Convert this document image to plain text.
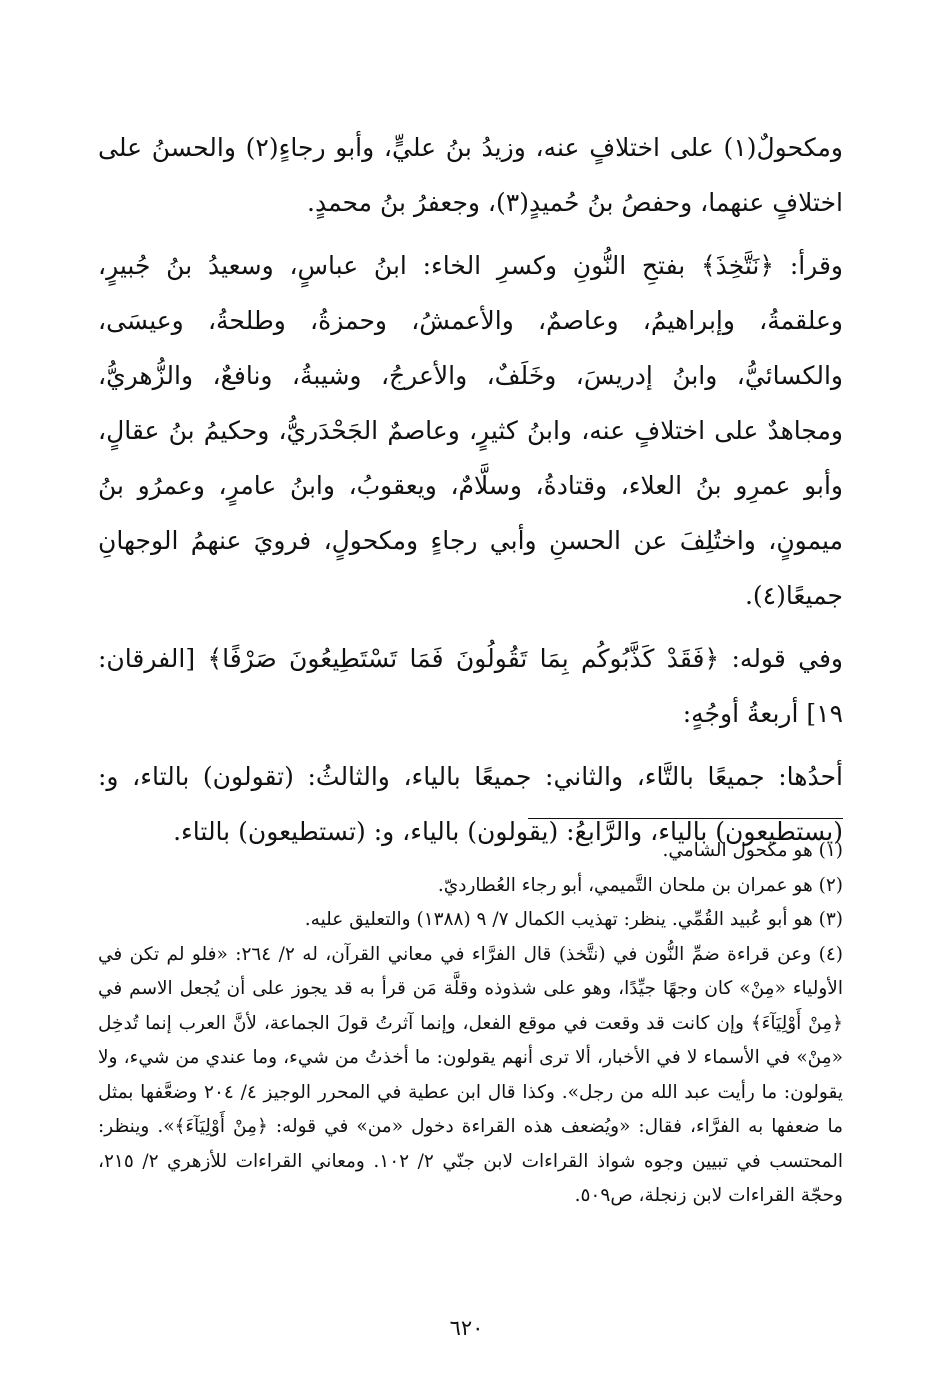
ومكحولٌ(١) على اختلافٍ عنه، وزيدُ بنُ عليٍّ، وأبو رجاءٍ(٢) والحسنُ على اختلافٍ عنهما، وحفصُ بنُ حُميدٍ(٣)، وجعفرُ بنُ محمدٍ.

وقرأ: ﴿نَتَّخِذَ﴾ بفتحِ النُّونِ وكسرِ الخاء: ابنُ عباسٍ، وسعيدُ بنُ جُبيرٍ، وعلقمةُ، وإبراهيمُ، وعاصمٌ، والأعمشُ، وحمزةُ، وطلحةُ، وعيسَى، والكسائيُّ، وابنُ إدريسَ، وخَلَفٌ، والأعرجُ، وشيبةُ، ونافعٌ، والزُّهريُّ، ومجاهدٌ على اختلافٍ عنه، وابنُ كثيرٍ، وعاصمٌ الجَحْدَريُّ، وحكيمُ بنُ عقالٍ، وأبو عمرِو بنُ العلاء، وقتادةُ، وسلَّامٌ، ويعقوبُ، وابنُ عامرٍ، وعمرُو بنُ ميمونٍ، واختُلِفَ عن الحسنِ وأبي رجاءٍ ومكحولٍ، فرويَ عنهمُ الوجهانِ جميعًا(٤).

وفي قوله: ﴿فَقَدْ كَذَّبُوكُم بِمَا تَقُولُونَ فَمَا تَسْتَطِيعُونَ صَرْفًا﴾ [الفرقان: ١٩] أربعةُ أوجُهٍ:

أحدُها: جميعًا بالتَّاء، والثاني: جميعًا بالياء، والثالثُ: (تقولون) بالتاء، و: (يستطيعون) بالياء، والرَّابعُ: (يقولون) بالياء، و: (تستطيعون) بالتاء.

(١) هو مكحول الشامي.

(٢) هو عمران بن ملحان التَّميمي، أبو رجاء العُطارديّ.

(٣) هو أبو عُبيد القُمِّي. ينظر: تهذيب الكمال ٧/ ٩ (١٣٨٨) والتعليق عليه.

(٤) وعن قراءة ضمِّ النُّون في (نتَّخذ) قال الفرَّاء في معاني القرآن، له ٢/ ٢٦٤: «فلو لم تكن في الأولياء «مِنْ» كان وجهًا جيِّدًا، وهو على شذوذه وقلَّة مَن قرأ به قد يجوز على أن يُجعل الاسم في ﴿مِنْ أَوْلِيَآءَ﴾ وإن كانت قد وقعت في موقع الفعل، وإنما آثرتُ قولَ الجماعة، لأنَّ العرب إنما تُدخِل «مِنْ» في الأسماء لا في الأخبار، ألا ترى أنهم يقولون: ما أخذتُ من شيء، وما عندي من شيء، ولا يقولون: ما رأيت عبد الله من رجل». وكذا قال ابن عطية في المحرر الوجيز ٤/ ٢٠٤ وضعَّفها بمثل ما ضعفها به الفرَّاء، فقال: «ويُضعف هذه القراءة دخول «من» في قوله: ﴿مِنْ أَوْلِيَآءَ﴾». وينظر: المحتسب في تبيين وجوه شواذ القراءات لابن جنّي ٢/ ١٠٢. ومعاني القراءات للأزهري ٢/ ٢١٥، وحجّة القراءات لابن زنجلة، ص٥٠٩.

٦٢٠
